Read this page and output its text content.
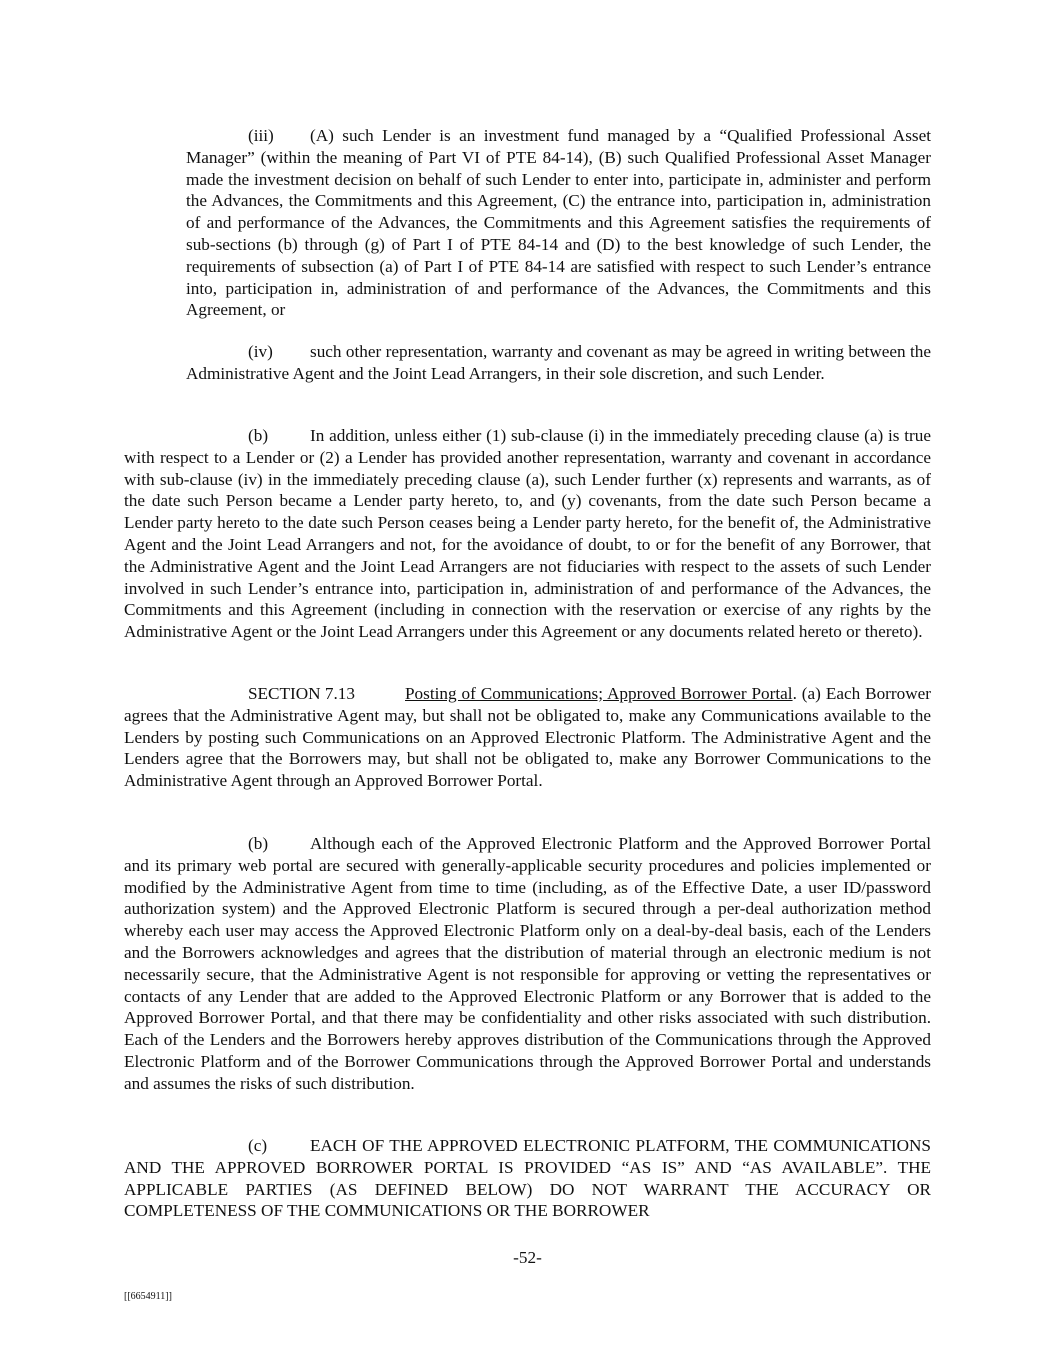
(iii) (A) such Lender is an investment fund managed by a “Qualified Professional Asset Manager” (within the meaning of Part VI of PTE 84-14), (B) such Qualified Professional Asset Manager made the investment decision on behalf of such Lender to enter into, participate in, administer and perform the Advances, the Commitments and this Agreement, (C) the entrance into, participation in, administration of and performance of the Advances, the Commitments and this Agreement satisfies the requirements of sub-sections (b) through (g) of Part I of PTE 84-14 and (D) to the best knowledge of such Lender, the requirements of subsection (a) of Part I of PTE 84-14 are satisfied with respect to such Lender’s entrance into, participation in, administration of and performance of the Advances, the Commitments and this Agreement, or

(iv) such other representation, warranty and covenant as may be agreed in writing between the Administrative Agent and the Joint Lead Arrangers, in their sole discretion, and such Lender.

(b) In addition, unless either (1) sub-clause (i) in the immediately preceding clause (a) is true with respect to a Lender or (2) a Lender has provided another representation, warranty and covenant in accordance with sub-clause (iv) in the immediately preceding clause (a), such Lender further (x) represents and warrants, as of the date such Person became a Lender party hereto, to, and (y) covenants, from the date such Person became a Lender party hereto to the date such Person ceases being a Lender party hereto, for the benefit of, the Administrative Agent and the Joint Lead Arrangers and not, for the avoidance of doubt, to or for the benefit of any Borrower, that the Administrative Agent and the Joint Lead Arrangers are not fiduciaries with respect to the assets of such Lender involved in such Lender’s entrance into, participation in, administration of and performance of the Advances, the Commitments and this Agreement (including in connection with the reservation or exercise of any rights by the Administrative Agent or the Joint Lead Arrangers under this Agreement or any documents related hereto or thereto).

SECTION 7.13	Posting of Communications; Approved Borrower Portal. (a) Each Borrower agrees that the Administrative Agent may, but shall not be obligated to, make any Communications available to the Lenders by posting such Communications on an Approved Electronic Platform. The Administrative Agent and the Lenders agree that the Borrowers may, but shall not be obligated to, make any Borrower Communications to the Administrative Agent through an Approved Borrower Portal.

(b) Although each of the Approved Electronic Platform and the Approved Borrower Portal and its primary web portal are secured with generally-applicable security procedures and policies implemented or modified by the Administrative Agent from time to time (including, as of the Effective Date, a user ID/password authorization system) and the Approved Electronic Platform is secured through a per-deal authorization method whereby each user may access the Approved Electronic Platform only on a deal-by-deal basis, each of the Lenders and the Borrowers acknowledges and agrees that the distribution of material through an electronic medium is not necessarily secure, that the Administrative Agent is not responsible for approving or vetting the representatives or contacts of any Lender that are added to the Approved Electronic Platform or any Borrower that is added to the Approved Borrower Portal, and that there may be confidentiality and other risks associated with such distribution. Each of the Lenders and the Borrowers hereby approves distribution of the Communications through the Approved Electronic Platform and of the Borrower Communications through the Approved Borrower Portal and understands and assumes the risks of such distribution.

(c) EACH OF THE APPROVED ELECTRONIC PLATFORM, THE COMMUNICATIONS AND THE APPROVED BORROWER PORTAL IS PROVIDED “AS IS” AND “AS AVAILABLE”. THE APPLICABLE PARTIES (AS DEFINED BELOW) DO NOT WARRANT THE ACCURACY OR COMPLETENESS OF THE COMMUNICATIONS OR THE BORROWER

-52-
[[6654911]]
